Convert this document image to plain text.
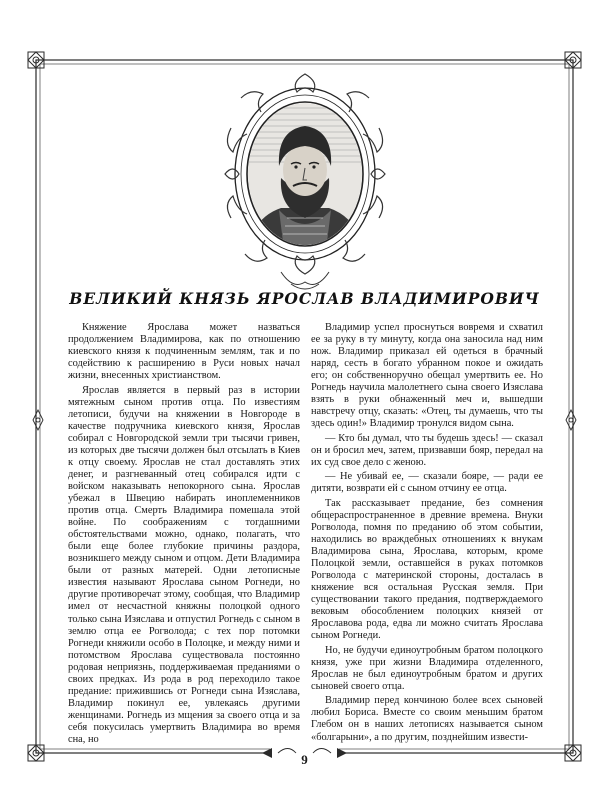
ВЕЛИКИЙ КНЯЗЬ ЯРОСЛАВ ВЛАДИМИРОВИЧ

Княжение Ярослава может назваться продолжением Владимирова, как по отношению киевского князя к подчиненным землям, так и по содействию к расширению в Руси новых начал жизни, внесенных христианством.

Ярослав является в первый раз в истории мятежным сыном против отца. По известиям летописи, будучи на княжении в Новгороде в качестве подручника киевского князя, Ярослав собирал с Новгородской земли три тысячи гривен, из которых две тысячи должен был отсылать в Киев к отцу своему. Ярослав не стал доставлять этих денег, и разгневанный отец собирался идти с войском наказывать непокорного сына. Ярослав убежал в Швецию набирать иноплеменников против отца. Смерть Владимира помешала этой войне. По соображениям с тогдашними обстоятельствами можно, однако, полагать, что были еще более глубокие причины раздора, возникшего между сыном и отцом. Дети Владимира были от разных матерей. Одни летописные известия называют Ярослава сыном Рогнеди, но другие противоречат этому, сообщая, что Владимир имел от несчастной княжны полоцкой одного только сына Изяслава и отпустил Рогнедь с сыном в землю отца ее Рогволода; с тех пор потомки Рогнеди княжили особо в Полоцке, и между ними и потомством Ярослава существовала постоянно родовая неприязнь, поддерживаемая преданиями о своих предках. Из рода в род переходило такое предание: прижившись от Рогнеди сына Изяслава, Владимир покинул ее, увлекаясь другими женщинами. Рогнедь из мщения за своего отца и за себя покусилась умертвить Владимира во время сна, но

Владимир успел проснуться вовремя и схватил ее за руку в ту минуту, когда она заносила над ним нож. Владимир приказал ей одеться в брачный наряд, сесть в богато убранном покое и ожидать его; он собственноручно обещал умертвить ее. Но Рогнедь научила малолетнего сына своего Изяслава взять в руки обнаженный меч и, вышедши навстречу отцу, сказать: «Отец, ты думаешь, что ты здесь один!» Владимир тронулся видом сына.

— Кто бы думал, что ты будешь здесь! — сказал он и бросил меч, затем, призвавши бояр, передал на их суд свое дело с женою.

— Не убивай ее, — сказали бояре, — ради ее дитяти, возврати ей с сыном отчину ее отца.

Так рассказывает предание, без сомнения общераспространенное в древние времена. Внуки Рогволода, помня по преданию об этом событии, находились во враждебных отношениях к внукам Владимирова сына, Ярослава, которым, кроме Полоцкой земли, оставшейся в руках потомков Рогволода с материнской стороны, досталась в княжение вся остальная Русская земля. При существовании такого предания, подтверждаемого вековым обособлением полоцких князей от Ярославова рода, едва ли можно считать Ярослава сыном Рогнеди.

Но, не будучи единоутробным братом полоцкого князя, уже при жизни Владимира отделенного, Ярослав не был единоутробным братом и других сыновей своего отца.

Владимир перед кончиною более всех сыновей любил Бориса. Вместе со своим меньшим братом Глебом он в наших летописях называется сыном «болгарыни», а по другим, позднейшим извести-

9
